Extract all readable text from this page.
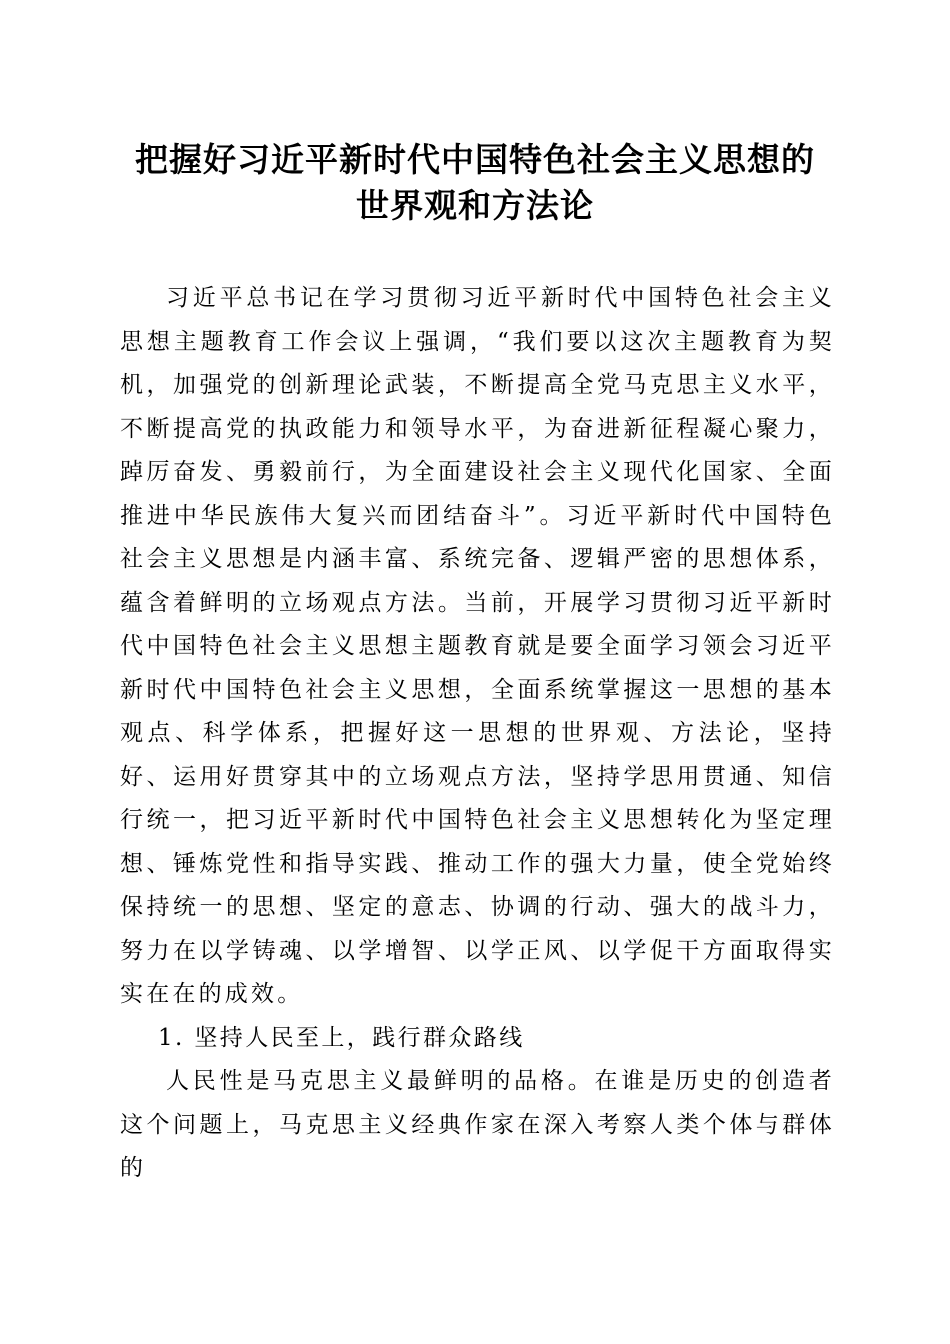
把握好习近平新时代中国特色社会主义思想的
世界观和方法论

习近平总书记在学习贯彻习近平新时代中国特色社会主义思想主题教育工作会议上强调，“我们要以这次主题教育为契机，加强党的创新理论武装，不断提高全党马克思主义水平，不断提高党的执政能力和领导水平，为奋进新征程凝心聚力，踔厉奋发、勇毅前行，为全面建设社会主义现代化国家、全面推进中华民族伟大复兴而团结奋斗”。习近平新时代中国特色社会主义思想是内涵丰富、系统完备、逻辑严密的思想体系，蕴含着鲜明的立场观点方法。当前，开展学习贯彻习近平新时代中国特色社会主义思想主题教育就是要全面学习领会习近平新时代中国特色社会主义思想，全面系统掌握这一思想的基本观点、科学体系，把握好这一思想的世界观、方法论，坚持好、运用好贯穿其中的立场观点方法，坚持学思用贯通、知信行统一，把习近平新时代中国特色社会主义思想转化为坚定理想、锤炼党性和指导实践、推动工作的强大力量，使全党始终保持统一的思想、坚定的意志、协调的行动、强大的战斗力，努力在以学铸魂、以学增智、以学正风、以学促干方面取得实实在在的成效。

1. 坚持人民至上，践行群众路线

人民性是马克思主义最鲜明的品格。在谁是历史的创造者这个问题上，马克思主义经典作家在深入考察人类个体与群体的
